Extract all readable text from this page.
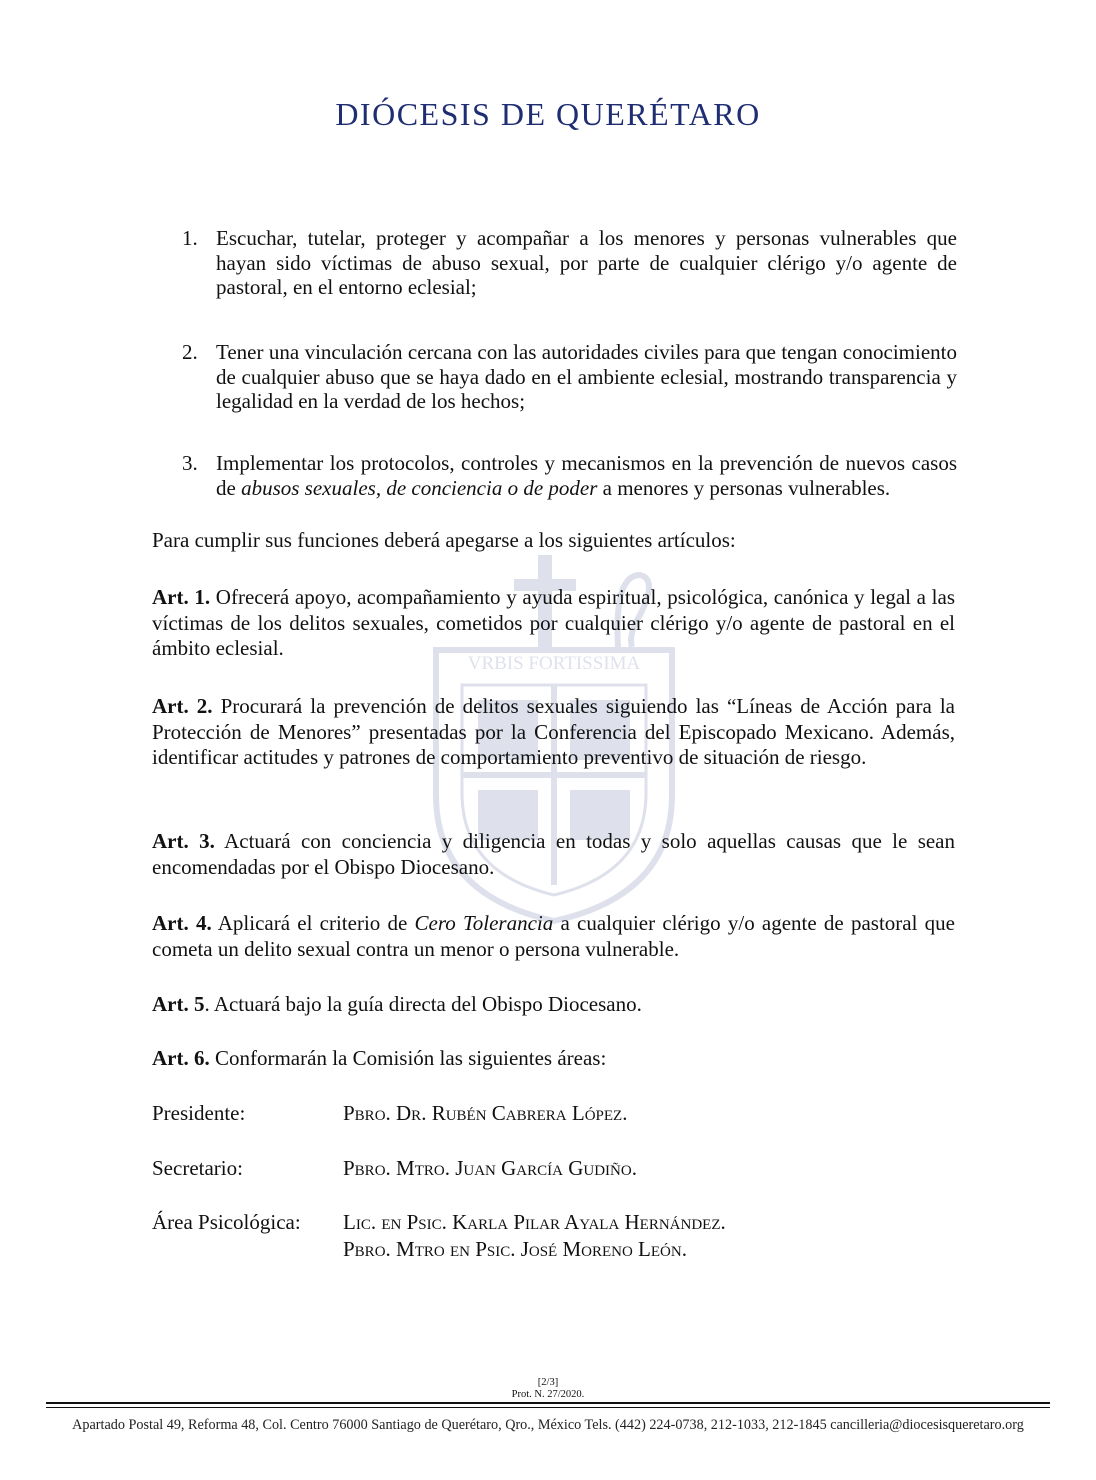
VRBIS FORTISSIMA
DIÓCESIS DE QUERÉTARO
1. Escuchar, tutelar, proteger y acompañar a los menores y personas vulnerables que hayan sido víctimas de abuso sexual, por parte de cualquier clérigo y/o agente de pastoral, en el entorno eclesial;
2. Tener una vinculación cercana con las autoridades civiles para que tengan conocimiento de cualquier abuso que se haya dado en el ambiente eclesial, mostrando transparencia y legalidad en la verdad de los hechos;
3. Implementar los protocolos, controles y mecanismos en la prevención de nuevos casos de abusos sexuales, de conciencia o de poder a menores y personas vulnerables.
Para cumplir sus funciones deberá apegarse a los siguientes artículos:
Art. 1. Ofrecerá apoyo, acompañamiento y ayuda espiritual, psicológica, canónica y legal a las víctimas de los delitos sexuales, cometidos por cualquier clérigo y/o agente de pastoral en el ámbito eclesial.
Art. 2. Procurará la prevención de delitos sexuales siguiendo las “Líneas de Acción para la Protección de Menores” presentadas por la Conferencia del Episcopado Mexicano. Además, identificar actitudes y patrones de comportamiento preventivo de situación de riesgo.
Art. 3. Actuará con conciencia y diligencia en todas y solo aquellas causas que le sean encomendadas por el Obispo Diocesano.
Art. 4. Aplicará el criterio de Cero Tolerancia a cualquier clérigo y/o agente de pastoral que cometa un delito sexual contra un menor o persona vulnerable.
Art. 5. Actuará bajo la guía directa del Obispo Diocesano.
Art. 6. Conformarán la Comisión las siguientes áreas:
Presidente:	Pbro. Dr. Rubén Cabrera López.
Secretario:	Pbro. Mtro. Juan García Gudiño.
Área Psicológica: Lic. en Psic. Karla Pilar Ayala Hernández.
Pbro. Mtro en Psic. José Moreno León.
[2/3]
Prot. N. 27/2020.
Apartado Postal 49, Reforma 48, Col. Centro 76000 Santiago de Querétaro, Qro., México Tels. (442) 224-0738, 212-1033, 212-1845 cancilleria@diocesisqueretaro.org
